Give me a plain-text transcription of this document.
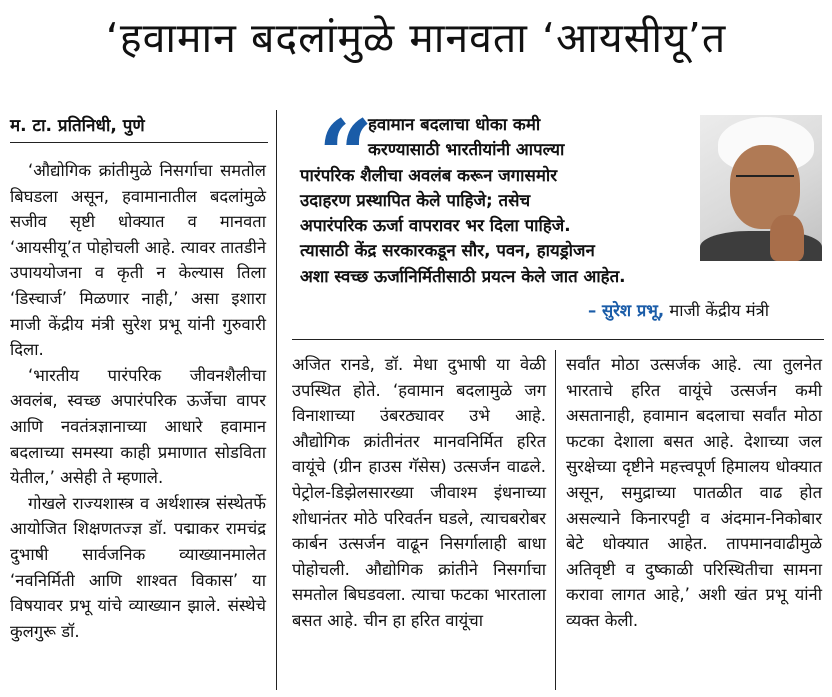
‘हवामान बदलांमुळे मानवता ‘आयसीयू’त
म. टा. प्रतिनिधी, पुणे “
हवामान बदलाचा धोका कमी
करण्यासाठी भारतीयांनी आपल्या
पारंपरिक शैलीचा अवलंब करून जगासमोर
उदाहरण प्रस्थापित केले पाहिजे; तसेच
अपारंपरिक ऊर्जा वापरावर भर दिला पाहिजे.
त्यासाठी केंद्र सरकारकडून सौर, पवन, हायड्रोजन
अशा स्वच्छ ऊर्जानिर्मितीसाठी प्रयत्न केले जात आहेत.
– सुरेश प्रभू, माजी केंद्रीय मंत्री

‘औद्योगिक क्रांतीमुळे निसर्गाचा समतोल बिघडला असून, हवामानातील बदलांमुळे सजीव सृष्टी धोक्यात व मानवता ‘आयसीयू’त पोहोचली आहे. त्यावर तातडीने उपाययोजना व कृती न केल्यास तिला ‘डिस्चार्ज’ मिळणार नाही,’ असा इशारा माजी केंद्रीय मंत्री सुरेश प्रभू यांनी गुरुवारी दिला.

‘भारतीय पारंपरिक जीवनशैलीचा अवलंब, स्वच्छ अपारंपरिक ऊर्जेचा वापर आणि नवतंत्रज्ञानाच्या आधारे हवामान बदलाच्या समस्या काही प्रमाणात सोडविता येतील,’ असेही ते म्हणाले.

गोखले राज्यशास्त्र व अर्थशास्त्र संस्थेतर्फे आयोजित शिक्षणतज्ज्ञ डॉ. पद्माकर रामचंद्र दुभाषी सार्वजनिक व्याख्यानमालेत ‘नवनिर्मिती आणि शाश्वत विकास’ या विषयावर प्रभू यांचे व्याख्यान झाले. संस्थेचे कुलगुरू डॉ.

अजित रानडे, डॉ. मेधा दुभाषी या वेळी उपस्थित होते. ‘हवामान बदलामुळे जग विनाशाच्या उंबरठ्यावर उभे आहे. औद्योगिक क्रांतीनंतर मानवनिर्मित हरित वायूंचे (ग्रीन हाउस गॅसेस) उत्सर्जन वाढले. पेट्रोल-डिझेलसारख्या जीवाश्म इंधनाच्या शोधानंतर मोठे परिवर्तन घडले, त्याचबरोबर कार्बन उत्सर्जन वाढून निसर्गालाही बाधा पोहोचली. औद्योगिक क्रांतीने निसर्गाचा समतोल बिघडवला. त्याचा फटका भारताला बसत आहे. चीन हा हरित वायूंचा

सर्वांत मोठा उत्सर्जक आहे. त्या तुलनेत भारताचे हरित वायूंचे उत्सर्जन कमी असतानाही, हवामान बदलाचा सर्वांत मोठा फटका देशाला बसत आहे. देशाच्या जल सुरक्षेच्या दृष्टीने महत्त्वपूर्ण हिमालय धोक्यात असून, समुद्राच्या पातळीत वाढ होत असल्याने किनारपट्टी व अंदमान-निकोबार बेटे धोक्यात आहेत. तापमानवाढीमुळे अतिवृष्टी व दुष्काळी परिस्थितीचा सामना करावा लागत आहे,’ अशी खंत प्रभू यांनी व्यक्त केली.
